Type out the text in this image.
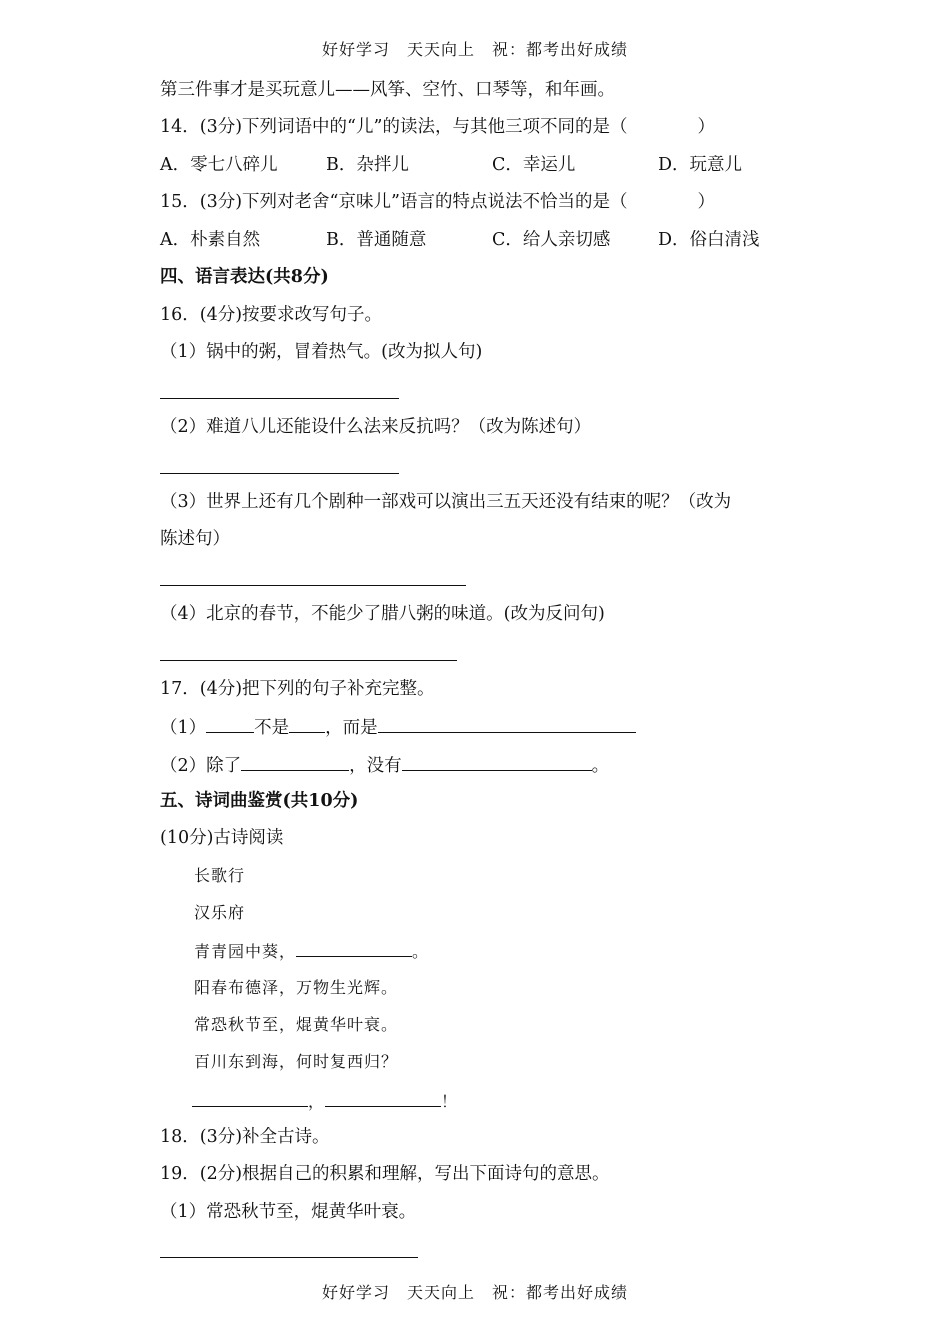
好好学习　天天向上　祝：都考出好成绩
第三件事才是买玩意儿——风筝、空竹、口琴等，和年画。
14．(3分)下列词语中的“儿”的读法，与其他三项不同的是（　　　　）
A．零七八碎儿	B．杂拌儿	C．幸运儿	D．玩意儿
15．(3分)下列对老舍“京味儿”语言的特点说法不恰当的是（　　　　）
A．朴素自然	B．普通随意	C．给人亲切感	D．俗白清浅
四、语言表达(共8分)
16．(4分)按要求改写句子。
（1）锅中的粥，冒着热气。(改为拟人句)
（2）难道八儿还能设什么法来反抗吗？（改为陈述句）
（3）世界上还有几个剧种一部戏可以演出三五天还没有结束的呢？（改为
陈述句）
（4）北京的春节，不能少了腊八粥的味道。(改为反问句)
17．(4分)把下列的句子补充完整。
（1）	不是 ，而是
（2）除了	，没有	。
五、诗词曲鉴赏(共10分)
(10分)古诗阅读
长歌行
汉乐府
青青园中葵，	。
阳春布德泽，万物生光辉。
常恐秋节至，焜黄华叶衰。
百川东到海，何时复西归？
，	！
18．(3分)补全古诗。
19．(2分)根据自己的积累和理解，写出下面诗句的意思。
（1）常恐秋节至，焜黄华叶衰。
好好学习　天天向上　祝：都考出好成绩
